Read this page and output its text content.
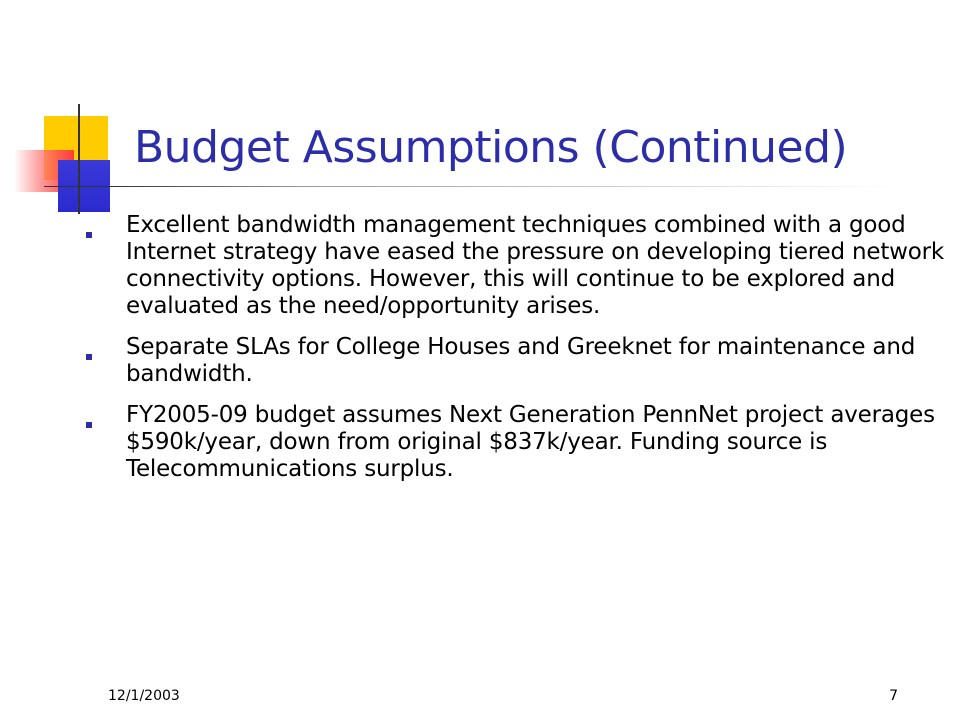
Budget Assumptions (Continued)
Excellent bandwidth management techniques combined with a good Internet strategy have eased the pressure on developing tiered network connectivity options. However, this will continue to be explored and evaluated as the need/opportunity arises.
Separate SLAs for College Houses and Greeknet for maintenance and bandwidth.
FY2005-09 budget assumes Next Generation PennNet project averages $590k/year, down from original $837k/year. Funding source is Telecommunications surplus.
12/1/2003	7
